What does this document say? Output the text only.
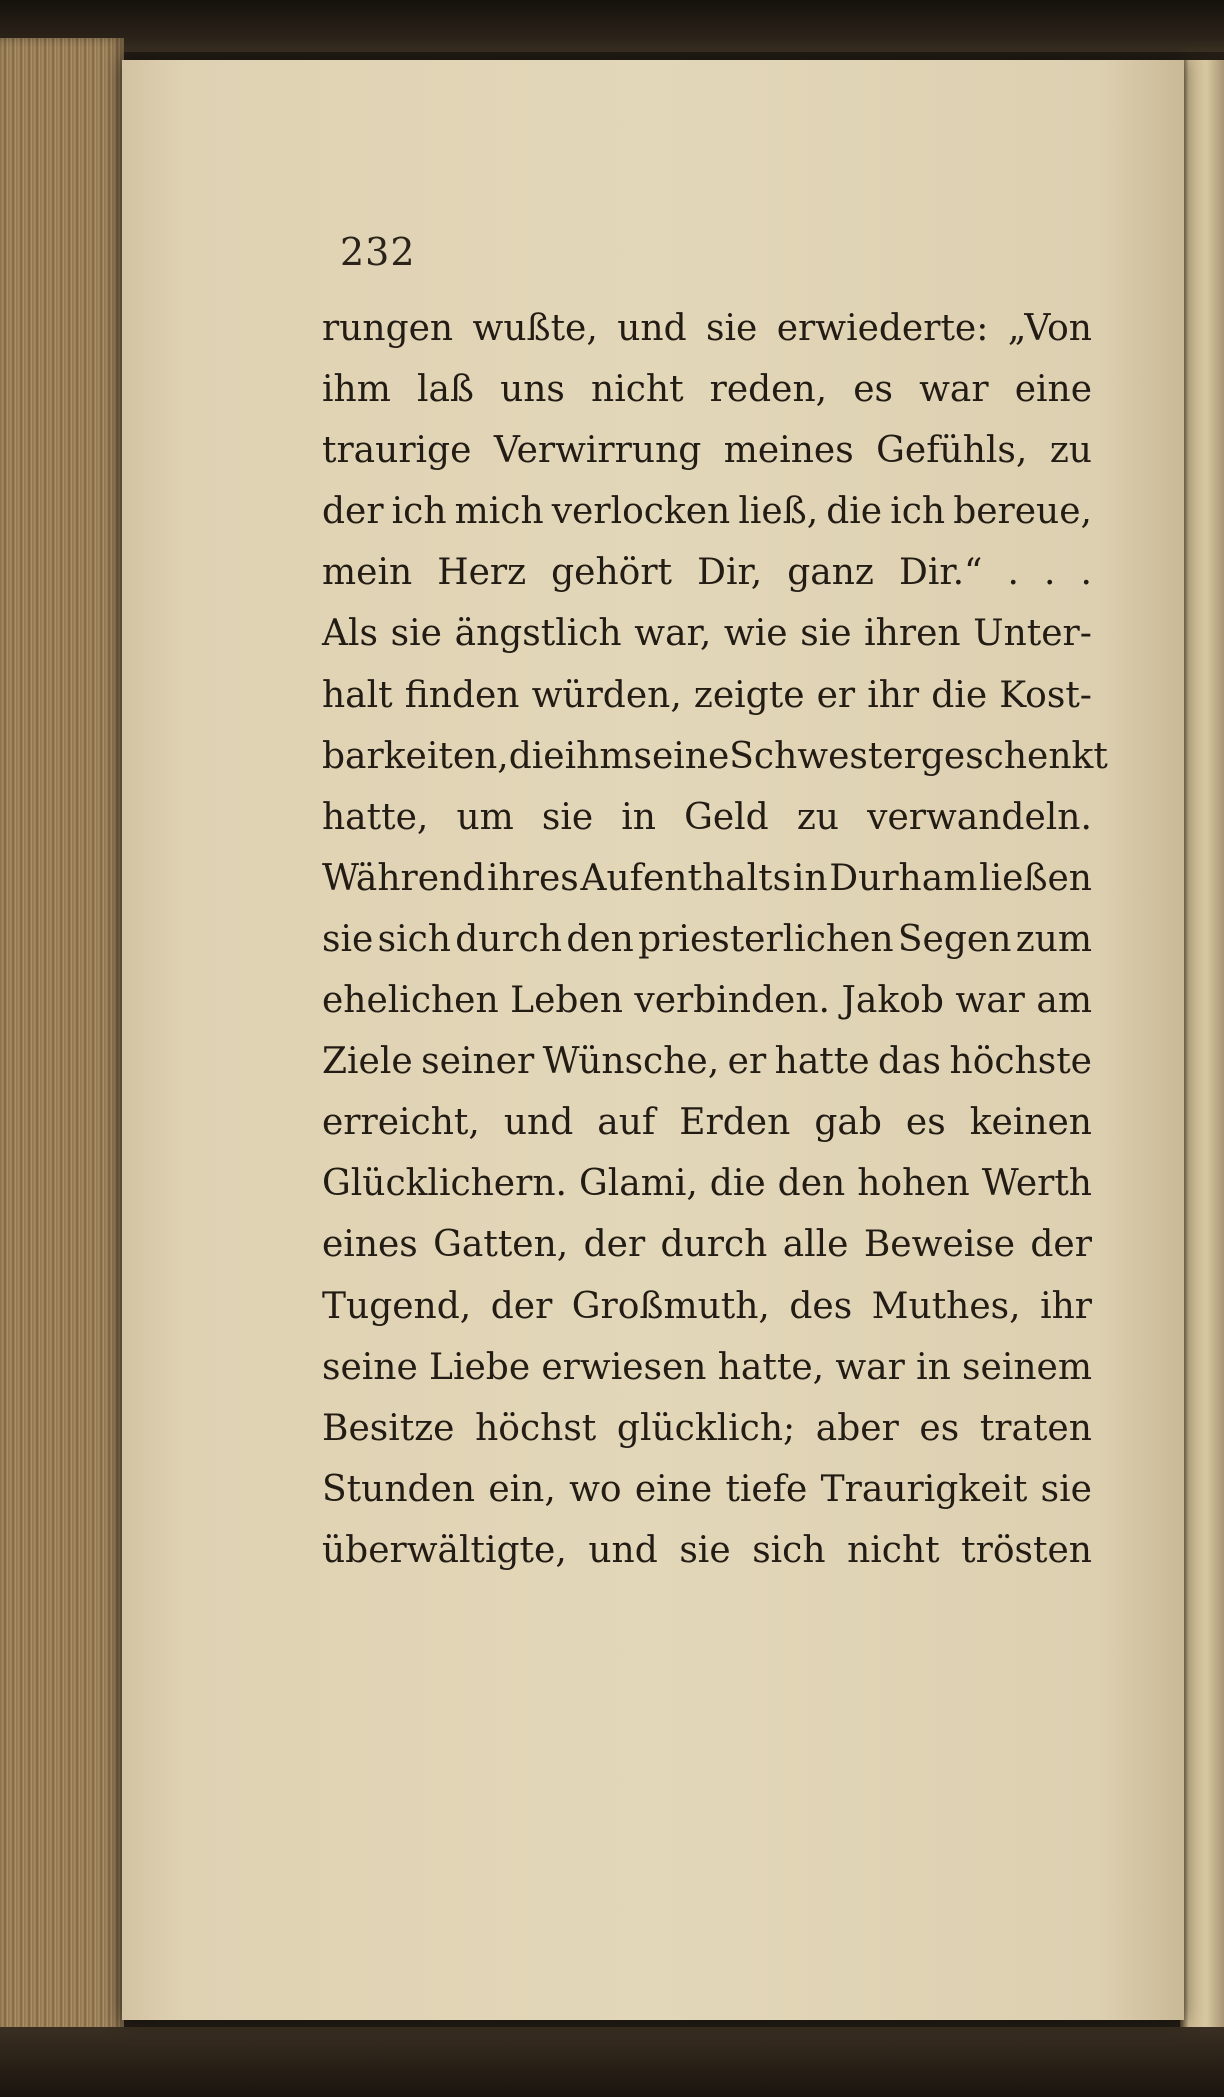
232
rungen wußte, und sie erwiederte: „Von
ihm laß uns nicht reden, es war eine
traurige Verwirrung meines Gefühls, zu
der ich mich verlocken ließ, die ich bereue,
mein Herz gehört Dir, ganz Dir.“ . . .
Als sie ängstlich war, wie sie ihren Unter-
halt finden würden, zeigte er ihr die Kost-
barkeiten, die ihm seine Schwester geschenkt
hatte, um sie in Geld zu verwandeln.
Während ihres Aufenthalts in Durham ließen
sie sich durch den priesterlichen Segen zum
ehelichen Leben verbinden. Jakob war am
Ziele seiner Wünsche, er hatte das höchste
erreicht, und auf Erden gab es keinen
Glücklichern. Glami, die den hohen Werth
eines Gatten, der durch alle Beweise der
Tugend, der Großmuth, des Muthes, ihr
seine Liebe erwiesen hatte, war in seinem
Besitze höchst glücklich; aber es traten
Stunden ein, wo eine tiefe Traurigkeit sie
überwältigte, und sie sich nicht trösten
